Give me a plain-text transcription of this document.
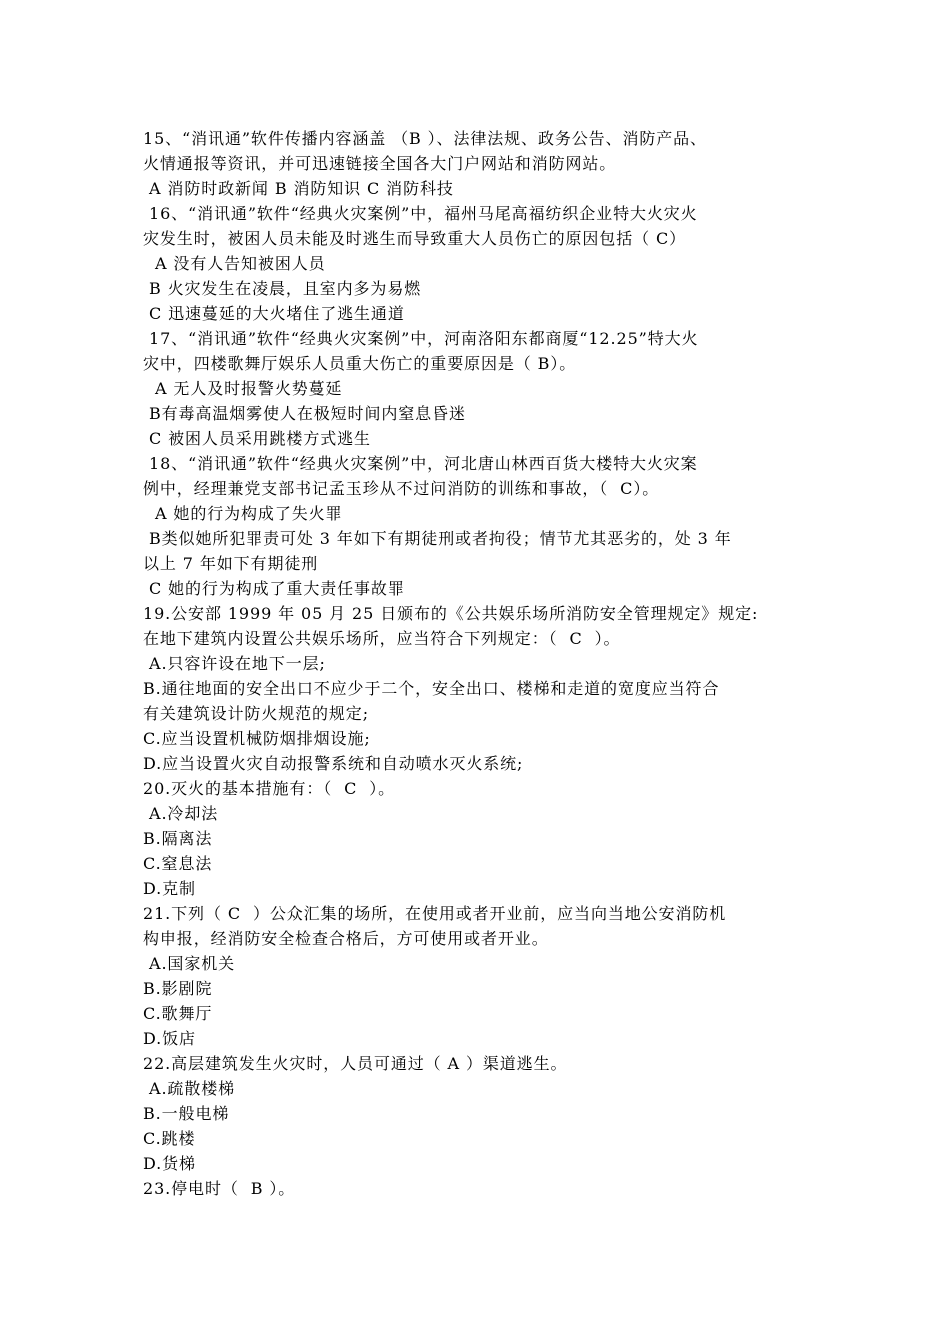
15、“消讯通”软件传播内容涵盖 （B ）、法律法规、政务公告、消防产品、
火情通报等资讯，并可迅速链接全国各大门户网站和消防网站。
A 消防时政新闻 B 消防知识 C 消防科技
16、“消讯通”软件“经典火灾案例”中，福州马尾高福纺织企业特大火灾火
灾发生时，被困人员未能及时逃生而导致重大人员伤亡的原因包括（ C）
A 没有人告知被困人员
B 火灾发生在凌晨，且室内多为易燃
C 迅速蔓延的大火堵住了逃生通道
17、“消讯通”软件“经典火灾案例”中，河南洛阳东都商厦“12.25”特大火
灾中，四楼歌舞厅娱乐人员重大伤亡的重要原因是（ B）。
A 无人及时报警火势蔓延
B有毒高温烟雾使人在极短时间内窒息昏迷
C 被困人员采用跳楼方式逃生
18、“消讯通”软件“经典火灾案例”中，河北唐山林西百货大楼特大火灾案
例中，经理兼党支部书记孟玉珍从不过问消防的训练和事故，（  C）。
A 她的行为构成了失火罪
B类似她所犯罪责可处 3 年如下有期徒刑或者拘役；情节尤其恶劣的，处 3 年
以上 7 年如下有期徒刑
C 她的行为构成了重大责任事故罪
19.公安部 1999 年 05 月 25 日颁布的《公共娱乐场所消防安全管理规定》规定:
在地下建筑内设置公共娱乐场所，应当符合下列规定：（  C  ）。
A.只容许设在地下一层;
B.通往地面的安全出口不应少于二个，安全出口、楼梯和走道的宽度应当符合
有关建筑设计防火规范的规定;
C.应当设置机械防烟排烟设施;
D.应当设置火灾自动报警系统和自动喷水灭火系统;
20.灭火的基本措施有：（  C  ）。
A.冷却法
B.隔离法
C.窒息法
D.克制
21.下列（ C  ）公众汇集的场所，在使用或者开业前，应当向当地公安消防机
构申报，经消防安全检查合格后，方可使用或者开业。
A.国家机关
B.影剧院
C.歌舞厅
D.饭店
22.高层建筑发生火灾时，人员可通过（ A ）渠道逃生。
A.疏散楼梯
B.一般电梯
C.跳楼
D.货梯
23.停电时（  B ）。
